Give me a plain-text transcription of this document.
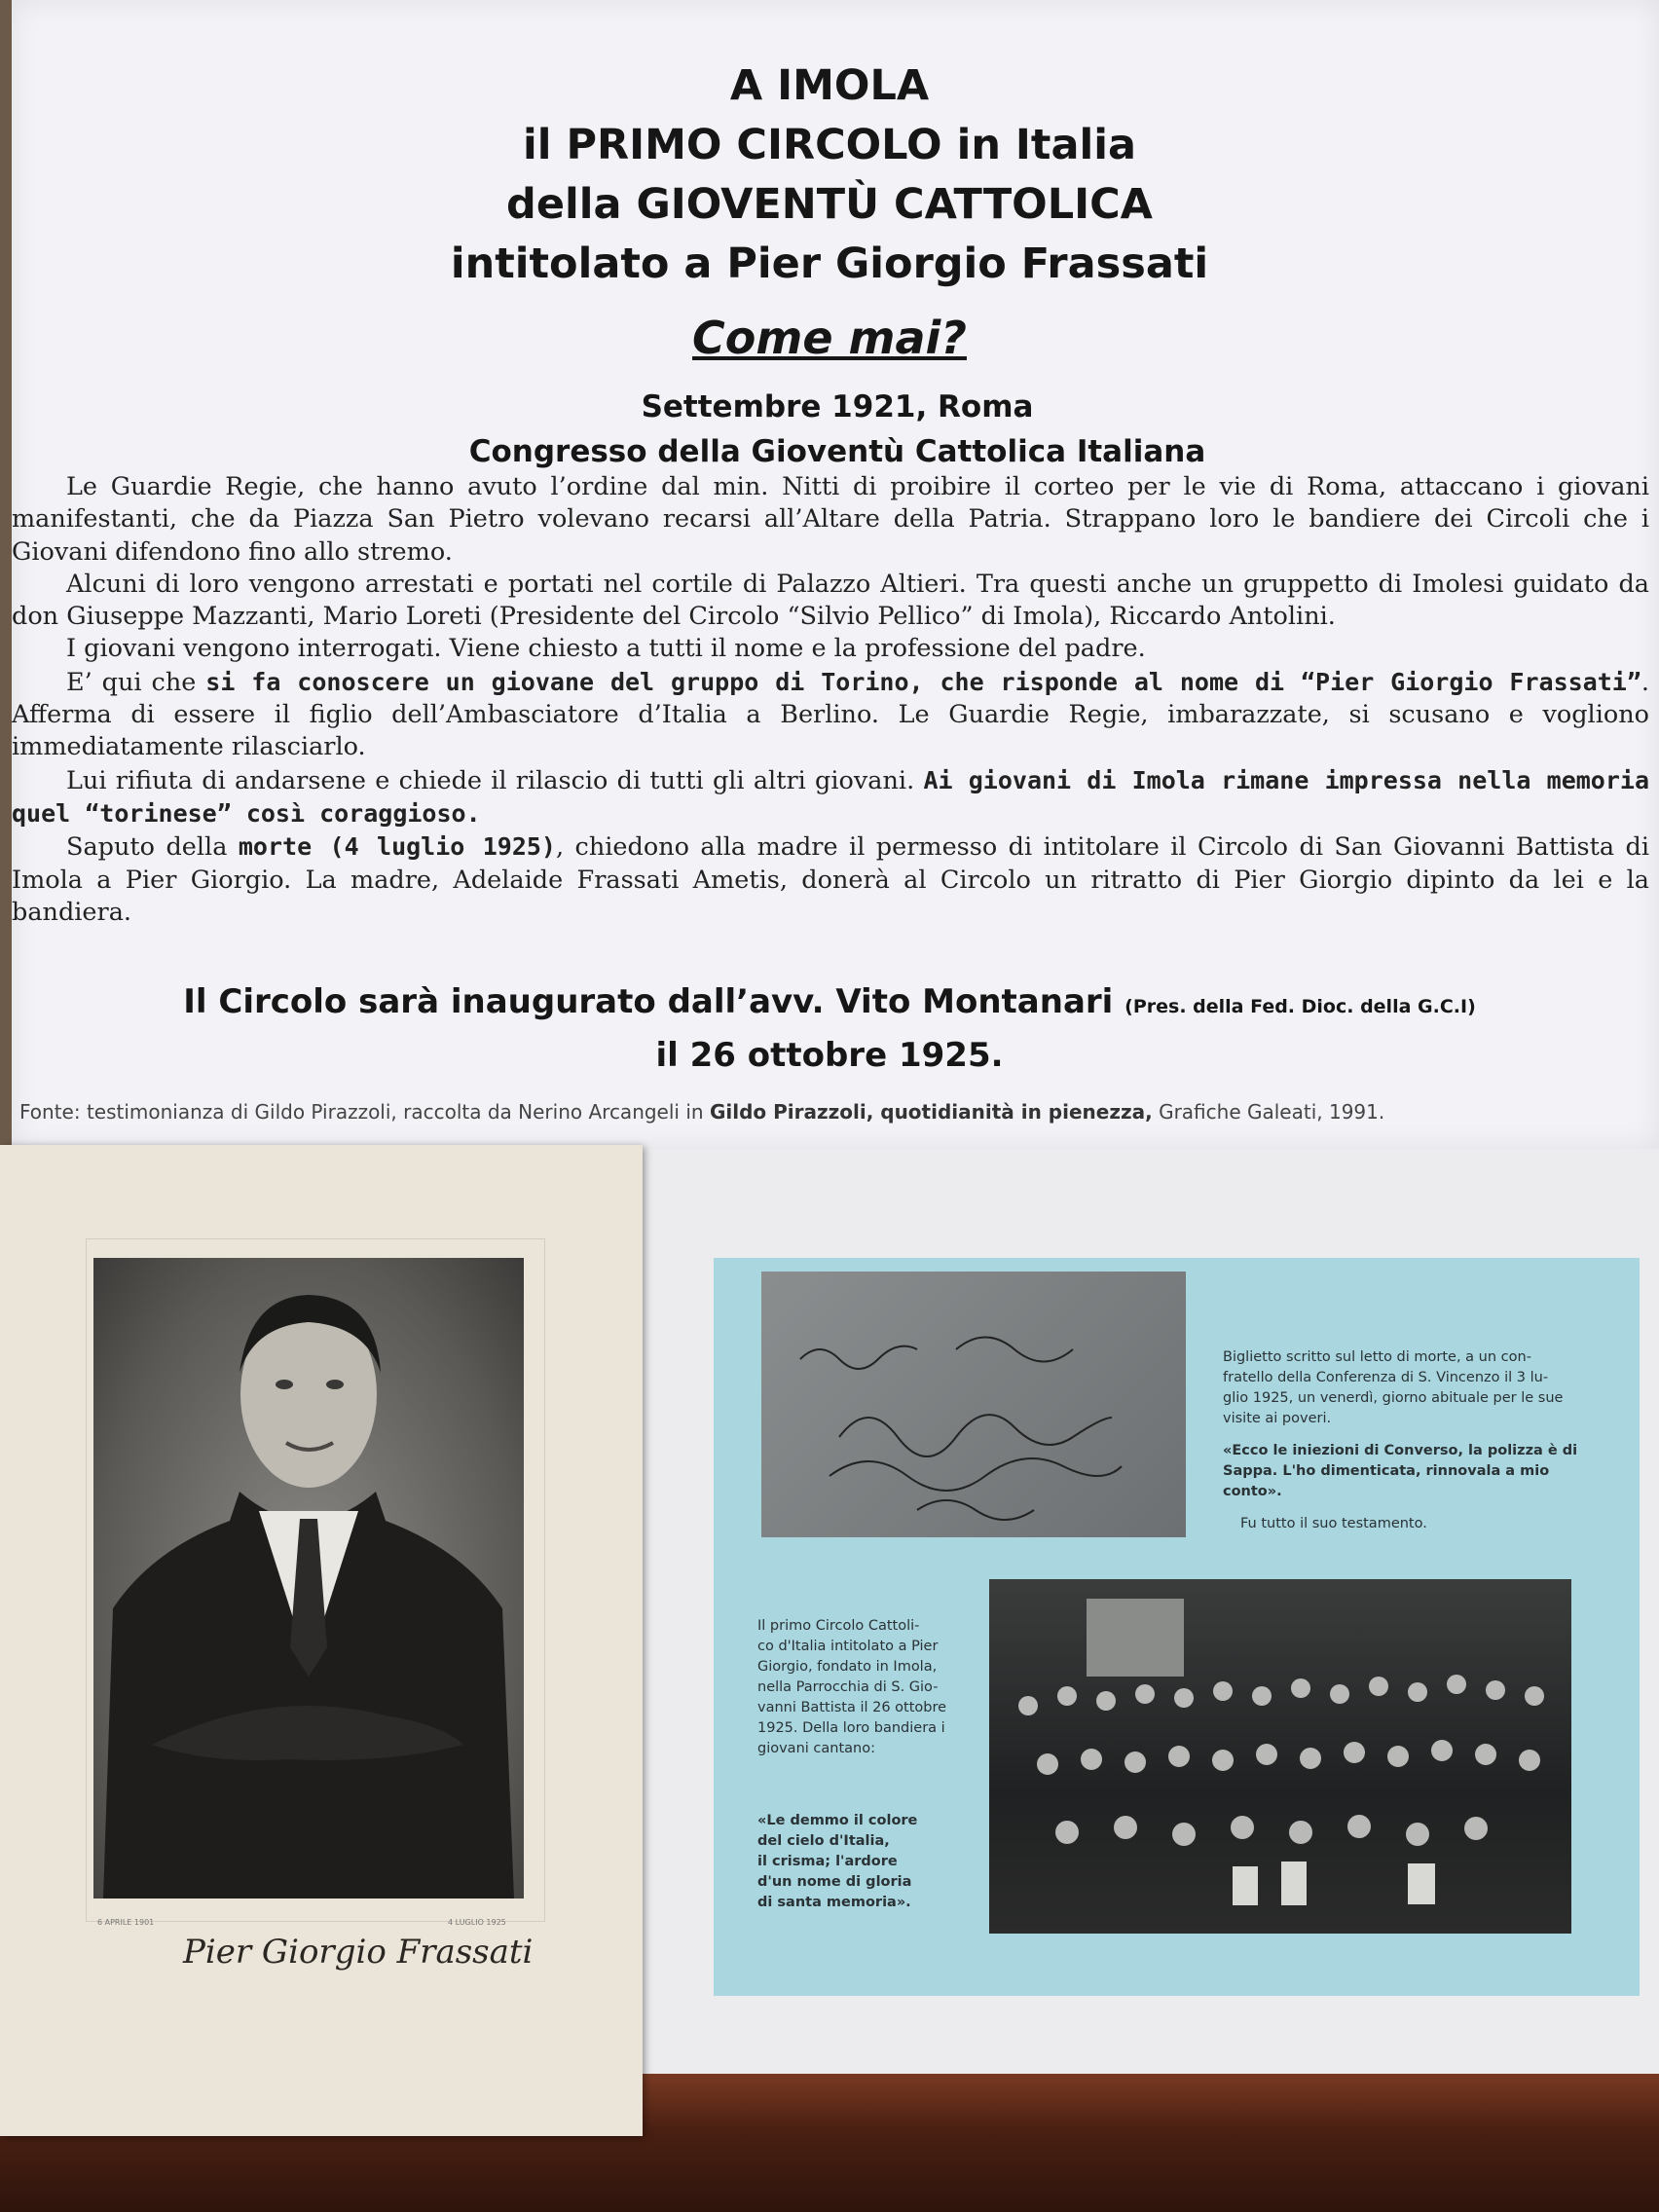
A IMOLA
il PRIMO CIRCOLO in Italia
della GIOVENTÙ CATTOLICA
intitolato a Pier Giorgio Frassati
Come mai?
Settembre 1921, Roma
Congresso della Gioventù Cattolica Italiana

Le Guardie Regie, che hanno avuto l’ordine dal min. Nitti di proibire il corteo per le vie di Roma, attaccano i giovani manifestanti, che da Piazza San Pietro volevano recarsi all’Altare della Patria. Strappano loro le bandiere dei Circoli che i Giovani difendono fino allo stremo.

Alcuni di loro vengono arrestati e portati nel cortile di Palazzo Altieri. Tra questi anche un gruppetto di Imolesi guidato da don Giuseppe Mazzanti, Mario Loreti (Presidente del Circolo “Silvio Pellico” di Imola), Riccardo Antolini.

I giovani vengono interrogati. Viene chiesto a tutti il nome e la professione del padre.

E’ qui che si fa conoscere un giovane del gruppo di Torino, che risponde al nome di “Pier Giorgio Frassati”. Afferma di essere il figlio dell’Ambasciatore d’Italia a Berlino. Le Guardie Regie, imbarazzate, si scusano e vogliono immediatamente rilasciarlo.

Lui rifiuta di andarsene e chiede il rilascio di tutti gli altri giovani. Ai giovani di Imola rimane impressa nella memoria quel “torinese” così coraggioso.

Saputo della morte (4 luglio 1925), chiedono alla madre il permesso di intitolare il Circolo di San Giovanni Battista di Imola a Pier Giorgio. La madre, Adelaide Frassati Ametis, donerà al Circolo un ritratto di Pier Giorgio dipinto da lei e la bandiera.

Il Circolo sarà inaugurato dall’avv. Vito Montanari (Pres. della Fed. Dioc. della G.C.I)
il 26 ottobre 1925.
Fonte: testimonianza di Gildo Pirazzoli, raccolta da Nerino Arcangeli in Gildo Pirazzoli, quotidianità in pienezza, Grafiche Galeati, 1991.
6 APRILE 1901	4 LUGLIO 1925
Pier Giorgio Frassati
Biglietto scritto sul letto di morte, a un con-
fratello della Conferenza di S. Vincenzo il 3 lu-
glio 1925, un venerdì, giorno abituale per le sue
visite ai poveri.
«Ecco le iniezioni di Converso, la polizza è di
Sappa. L'ho dimenticata, rinnovala a mio conto».
Fu tutto il suo testamento.
Il primo Circolo Cattoli-
co d'Italia intitolato a Pier
Giorgio, fondato in Imola,
nella Parrocchia di S. Gio-
vanni Battista il 26 ottobre
1925. Della loro bandiera i
giovani cantano:
«Le demmo il colore
del cielo d'Italia,
il crisma; l'ardore
d'un nome di gloria
di santa memoria».
